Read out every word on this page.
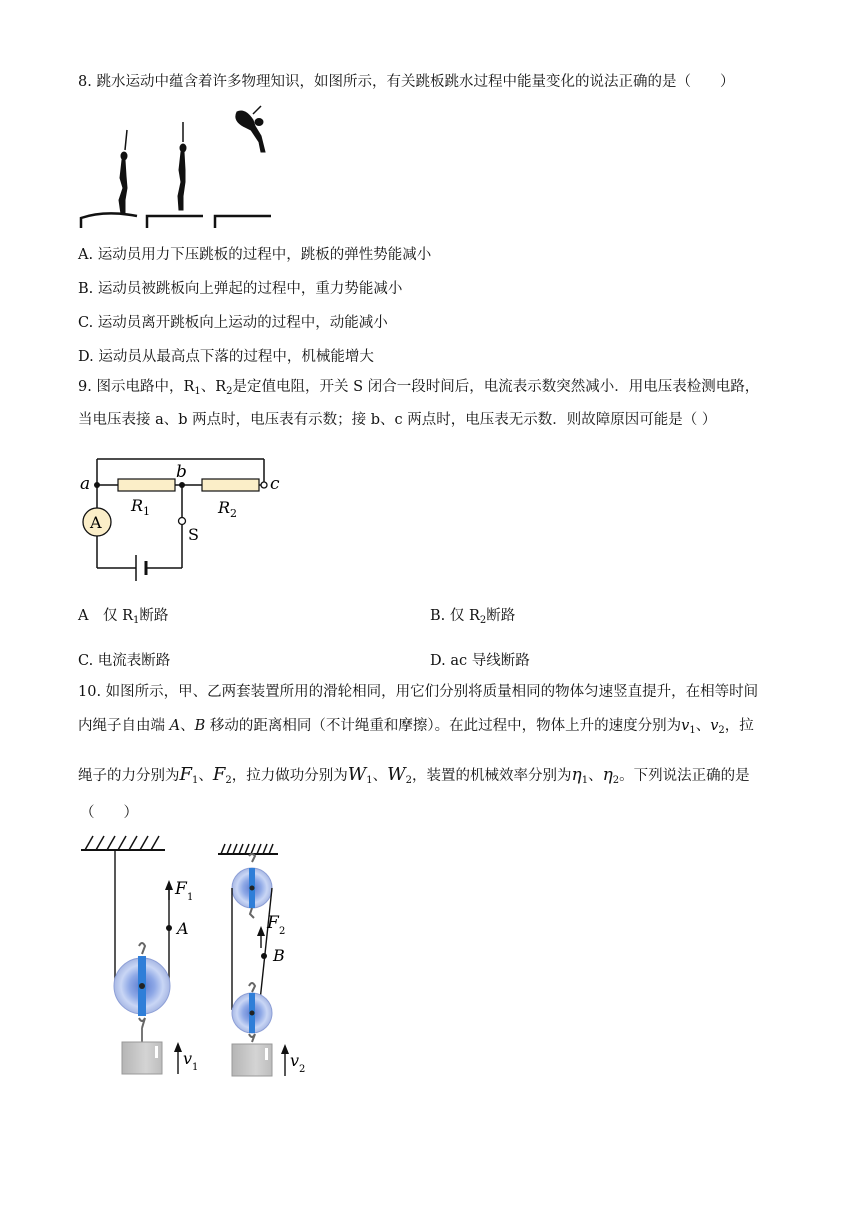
8. 跳水运动中蕴含着许多物理知识，如图所示，有关跳板跳水过程中能量变化的说法正确的是（　　）
A. 运动员用力下压跳板的过程中，跳板的弹性势能减小
B. 运动员被跳板向上弹起的过程中，重力势能减小
C. 运动员离开跳板向上运动的过程中，动能减小
D. 运动员从最高点下落的过程中，机械能增大
9. 图示电路中，$R_1$、$R_2$是定值电阻，开关 S 闭合一段时间后，电流表示数突然减小．用电压表检测电路，
当电压表接 a、b 两点时，电压表有示数；接 b、c 两点时，电压表无示数．则故障原因可能是（ ）
a
b
c
R 1	R 2
A
S
A　仅 $R_1$断路	B. 仅 $R_2$断路
C. 电流表断路	D. ac 导线断路
10. 如图所示，甲、乙两套装置所用的滑轮相同，用它们分别将质量相同的物体匀速竖直提升，在相等时间
内绳子自由端 A、B 移动的距离相同（不计绳重和摩擦）。在此过程中，物体上升的速度分别为$v_1$、$v_2$，拉
绳子的力分别为$F_1$、$F_2$，拉力做功分别为$W_1$、$W_2$，装置的机械效率分别为$\eta_1$、$\eta_2$。下列说法正确的是
（　　）
F 1
A
v 1
F 2
B
v 2
